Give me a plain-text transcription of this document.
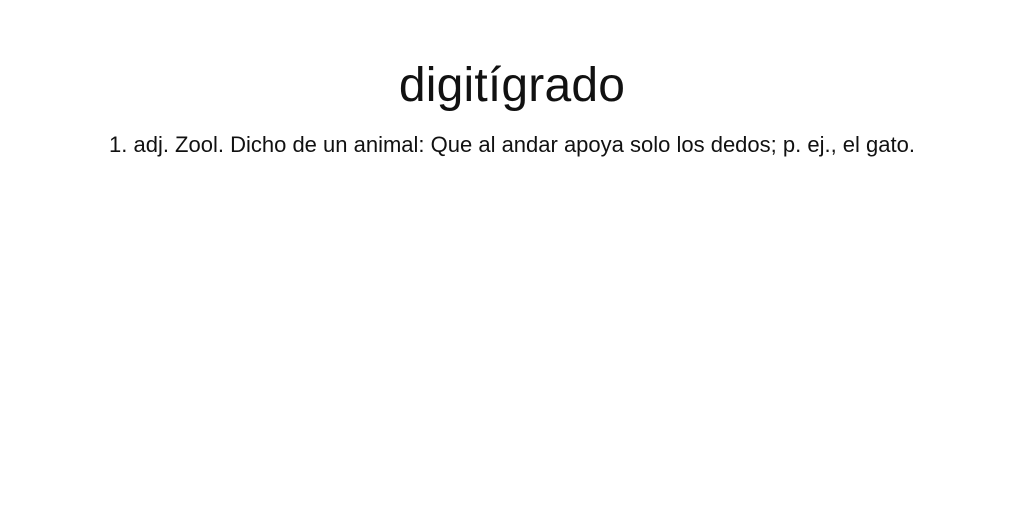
digitígrado

1. adj. Zool. Dicho de un animal: Que al andar apoya solo los dedos; p. ej., el gato.
